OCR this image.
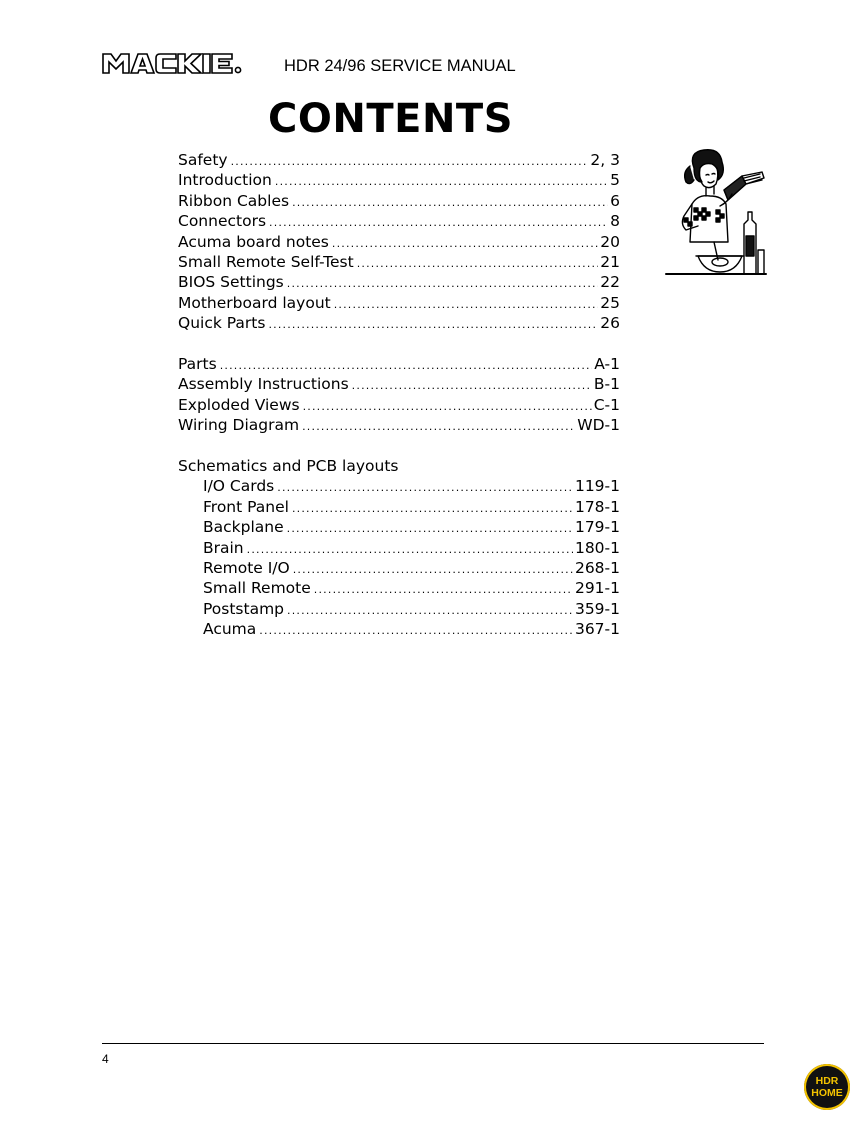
MACKIE
HDR 24/96 SERVICE MANUAL
CONTENTS
Safety .....	2, 3
Introduction .....	5
Ribbon Cables .....	6
Connectors .....	8
Acuma board notes .....	20
Small Remote Self-Test .....	21
BIOS Settings .....	22
Motherboard layout .....	25
Quick Parts .....	26
Parts .....	A-1
Assembly Instructions .....	B-1
Exploded Views .....	C-1
Wiring Diagram .....	WD-1
Schematics and PCB layouts
I/O Cards .....	119-1
Front Panel .....	178-1
Backplane .....	179-1
Brain .....	180-1
Remote I/O .....	268-1
Small Remote .....	291-1
Poststamp .....	359-1
Acuma .....	367-1
4
HDR
HOME
